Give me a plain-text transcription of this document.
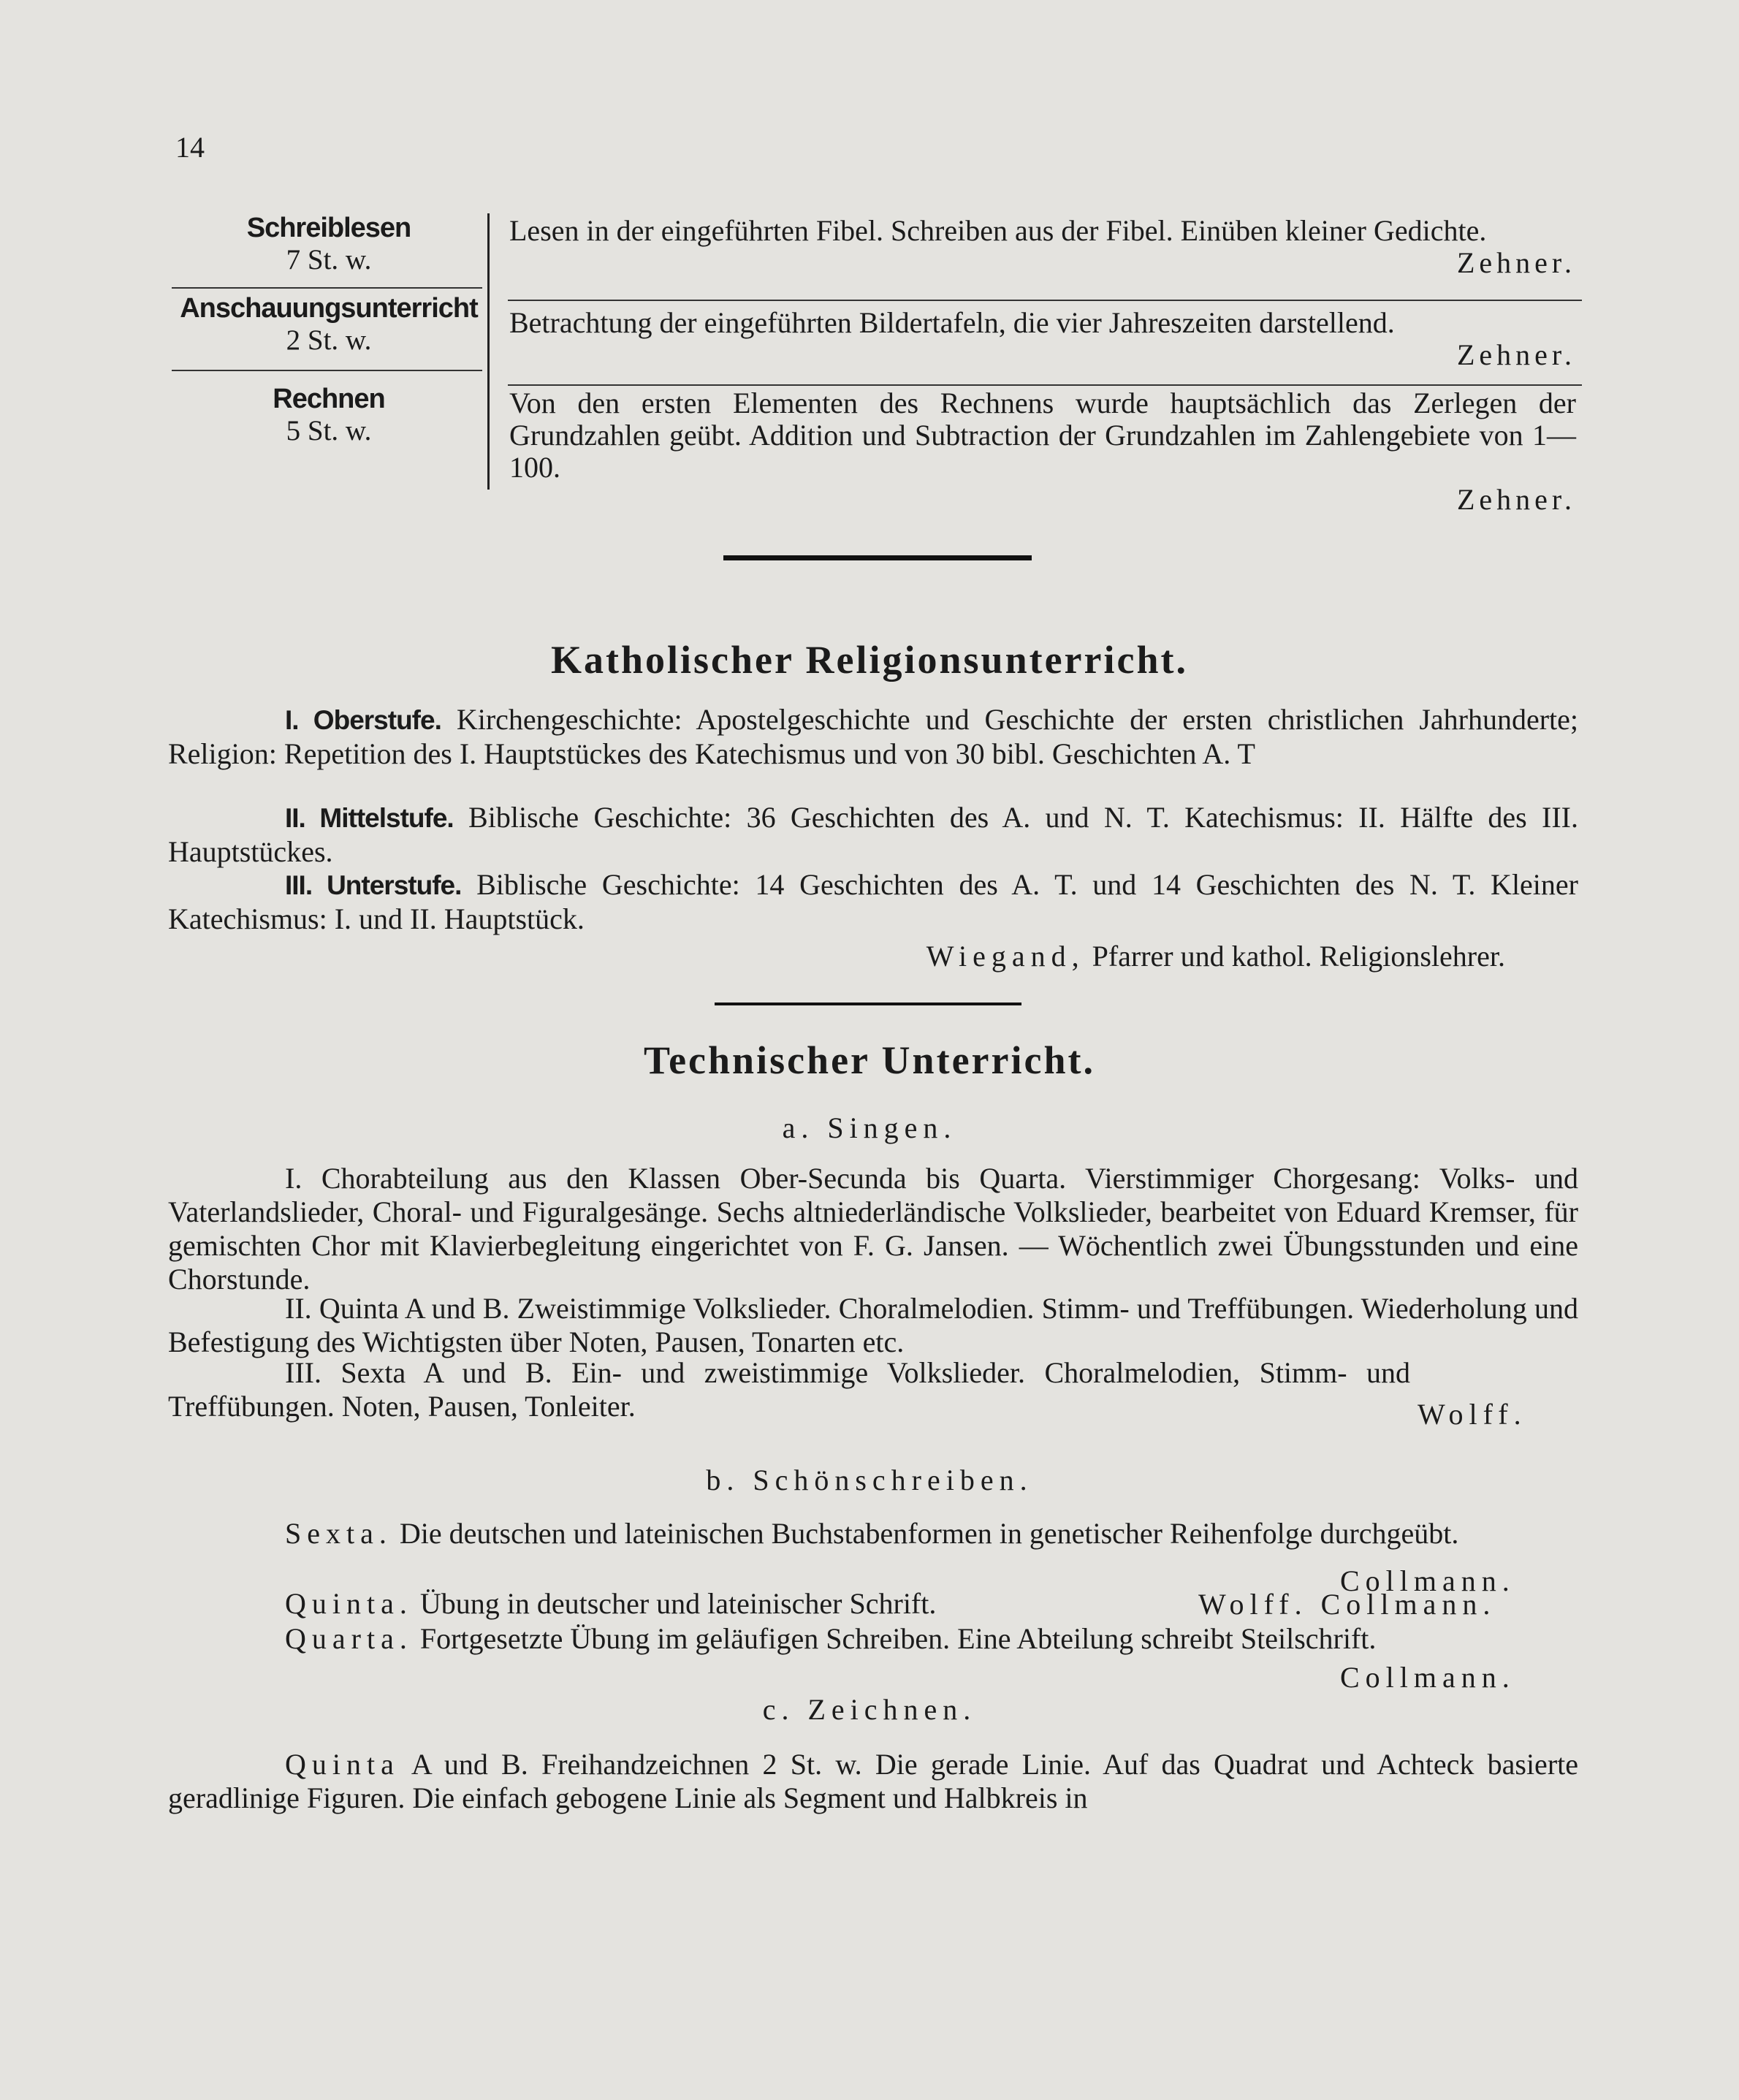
14
Schreiblesen
7 St. w.
Lesen in der eingeführten Fibel. Schreiben aus der Fibel. Einüben kleiner Gedichte.
Zehner.
Anschauungsunterricht
2 St. w.
Betrachtung der eingeführten Bildertafeln, die vier Jahreszeiten darstellend.
Zehner.
Rechnen
5 St. w.
Von den ersten Elementen des Rechnens wurde hauptsächlich das Zerlegen der Grundzahlen geübt. Addition und Subtraction der Grundzahlen im Zahlengebiete von 1—100.
Zehner.
Katholischer Religionsunterricht.

I. Oberstufe. Kirchengeschichte: Apostelgeschichte und Geschichte der ersten christlichen Jahrhunderte; Religion: Repetition des I. Hauptstückes des Katechismus und von 30 bibl. Geschichten A. T

II. Mittelstufe. Biblische Geschichte: 36 Geschichten des A. und N. T. Katechismus: II. Hälfte des III. Hauptstückes.

III. Unterstufe. Biblische Geschichte: 14 Geschichten des A. T. und 14 Geschichten des N. T. Kleiner Katechismus: I. und II. Hauptstück.

Wiegand, Pfarrer und kathol. Religionslehrer.

Technischer Unterricht.
a. Singen.

I. Chorabteilung aus den Klassen Ober-Secunda bis Quarta. Vierstimmiger Chorgesang: Volks- und Vaterlandslieder, Choral- und Figuralgesänge. Sechs altniederländische Volkslieder, bearbeitet von Eduard Kremser, für gemischten Chor mit Klavierbegleitung eingerichtet von F. G. Jansen. — Wöchentlich zwei Übungsstunden und eine Chorstunde.

II. Quinta A und B. Zweistimmige Volkslieder. Choralmelodien. Stimm- und Treffübungen. Wiederholung und Befestigung des Wichtigsten über Noten, Pausen, Tonarten etc.

III. Sexta A und B. Ein- und zweistimmige Volkslieder. Choralmelodien, Stimm- und Treffübungen. Noten, Pausen, Tonleiter.	Wolff.
b. Schönschreiben.

Sexta. Die deutschen und lateinischen Buchstabenformen in genetischer Reihenfolge durchgeübt.

Collmann.

Quinta. Übung in deutscher und lateinischer Schrift.	Wolff. Collmann.

Quarta. Fortgesetzte Übung im geläufigen Schreiben. Eine Abteilung schreibt Steilschrift.

Collmann.
c. Zeichnen.

Quinta A und B. Freihandzeichnen 2 St. w. Die gerade Linie. Auf das Quadrat und Achteck basierte geradlinige Figuren. Die einfach gebogene Linie als Segment und Halbkreis in
